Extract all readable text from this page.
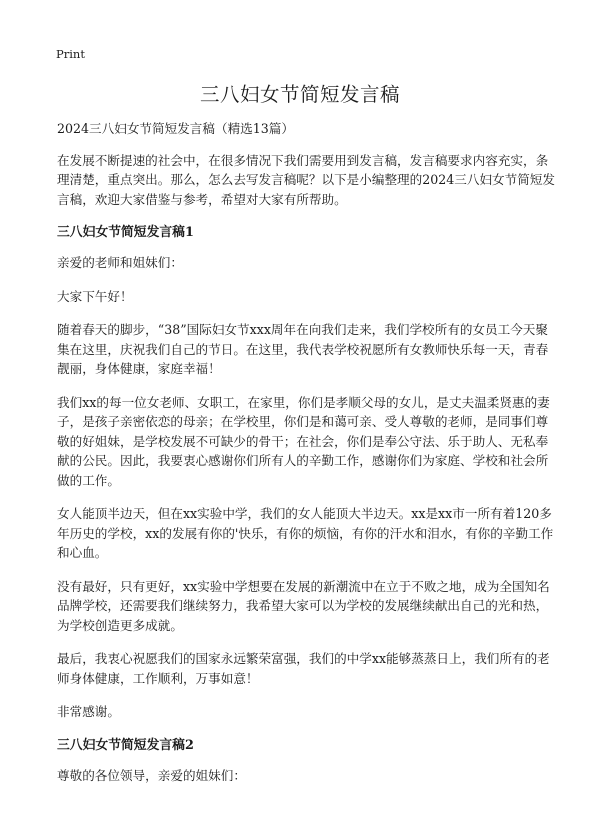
Print
三八妇女节简短发言稿

2024三八妇女节简短发言稿（精选13篇）

在发展不断提速的社会中，在很多情况下我们需要用到发言稿，发言稿要求内容充实，条理清楚，重点突出。那么，怎么去写发言稿呢？以下是小编整理的2024三八妇女节简短发言稿，欢迎大家借鉴与参考，希望对大家有所帮助。

三八妇女节简短发言稿1

亲爱的老师和姐妹们：

大家下午好！

随着春天的脚步，“38”国际妇女节xxx周年在向我们走来，我们学校所有的女员工今天聚集在这里，庆祝我们自己的节日。在这里，我代表学校祝愿所有女教师快乐每一天，青春靓丽，身体健康，家庭幸福！

我们xx的每一位女老师、女职工，在家里，你们是孝顺父母的女儿，是丈夫温柔贤惠的妻子，是孩子亲密依恋的母亲；在学校里，你们是和蔼可亲、受人尊敬的老师，是同事们尊敬的好姐妹，是学校发展不可缺少的骨干；在社会，你们是奉公守法、乐于助人、无私奉献的公民。因此，我要衷心感谢你们所有人的辛勤工作，感谢你们为家庭、学校和社会所做的工作。

女人能顶半边天，但在xx实验中学，我们的女人能顶大半边天。xx是xx市一所有着120多年历史的学校，xx的发展有你的'快乐，有你的烦恼，有你的汗水和泪水，有你的辛勤工作和心血。

没有最好，只有更好，xx实验中学想要在发展的新潮流中在立于不败之地，成为全国知名品牌学校，还需要我们继续努力，我希望大家可以为学校的发展继续献出自己的光和热，为学校创造更多成就。

最后，我衷心祝愿我们的国家永远繁荣富强，我们的中学xx能够蒸蒸日上，我们所有的老师身体健康，工作顺利，万事如意！

非常感谢。

三八妇女节简短发言稿2

尊敬的各位领导，亲爱的姐妹们：
